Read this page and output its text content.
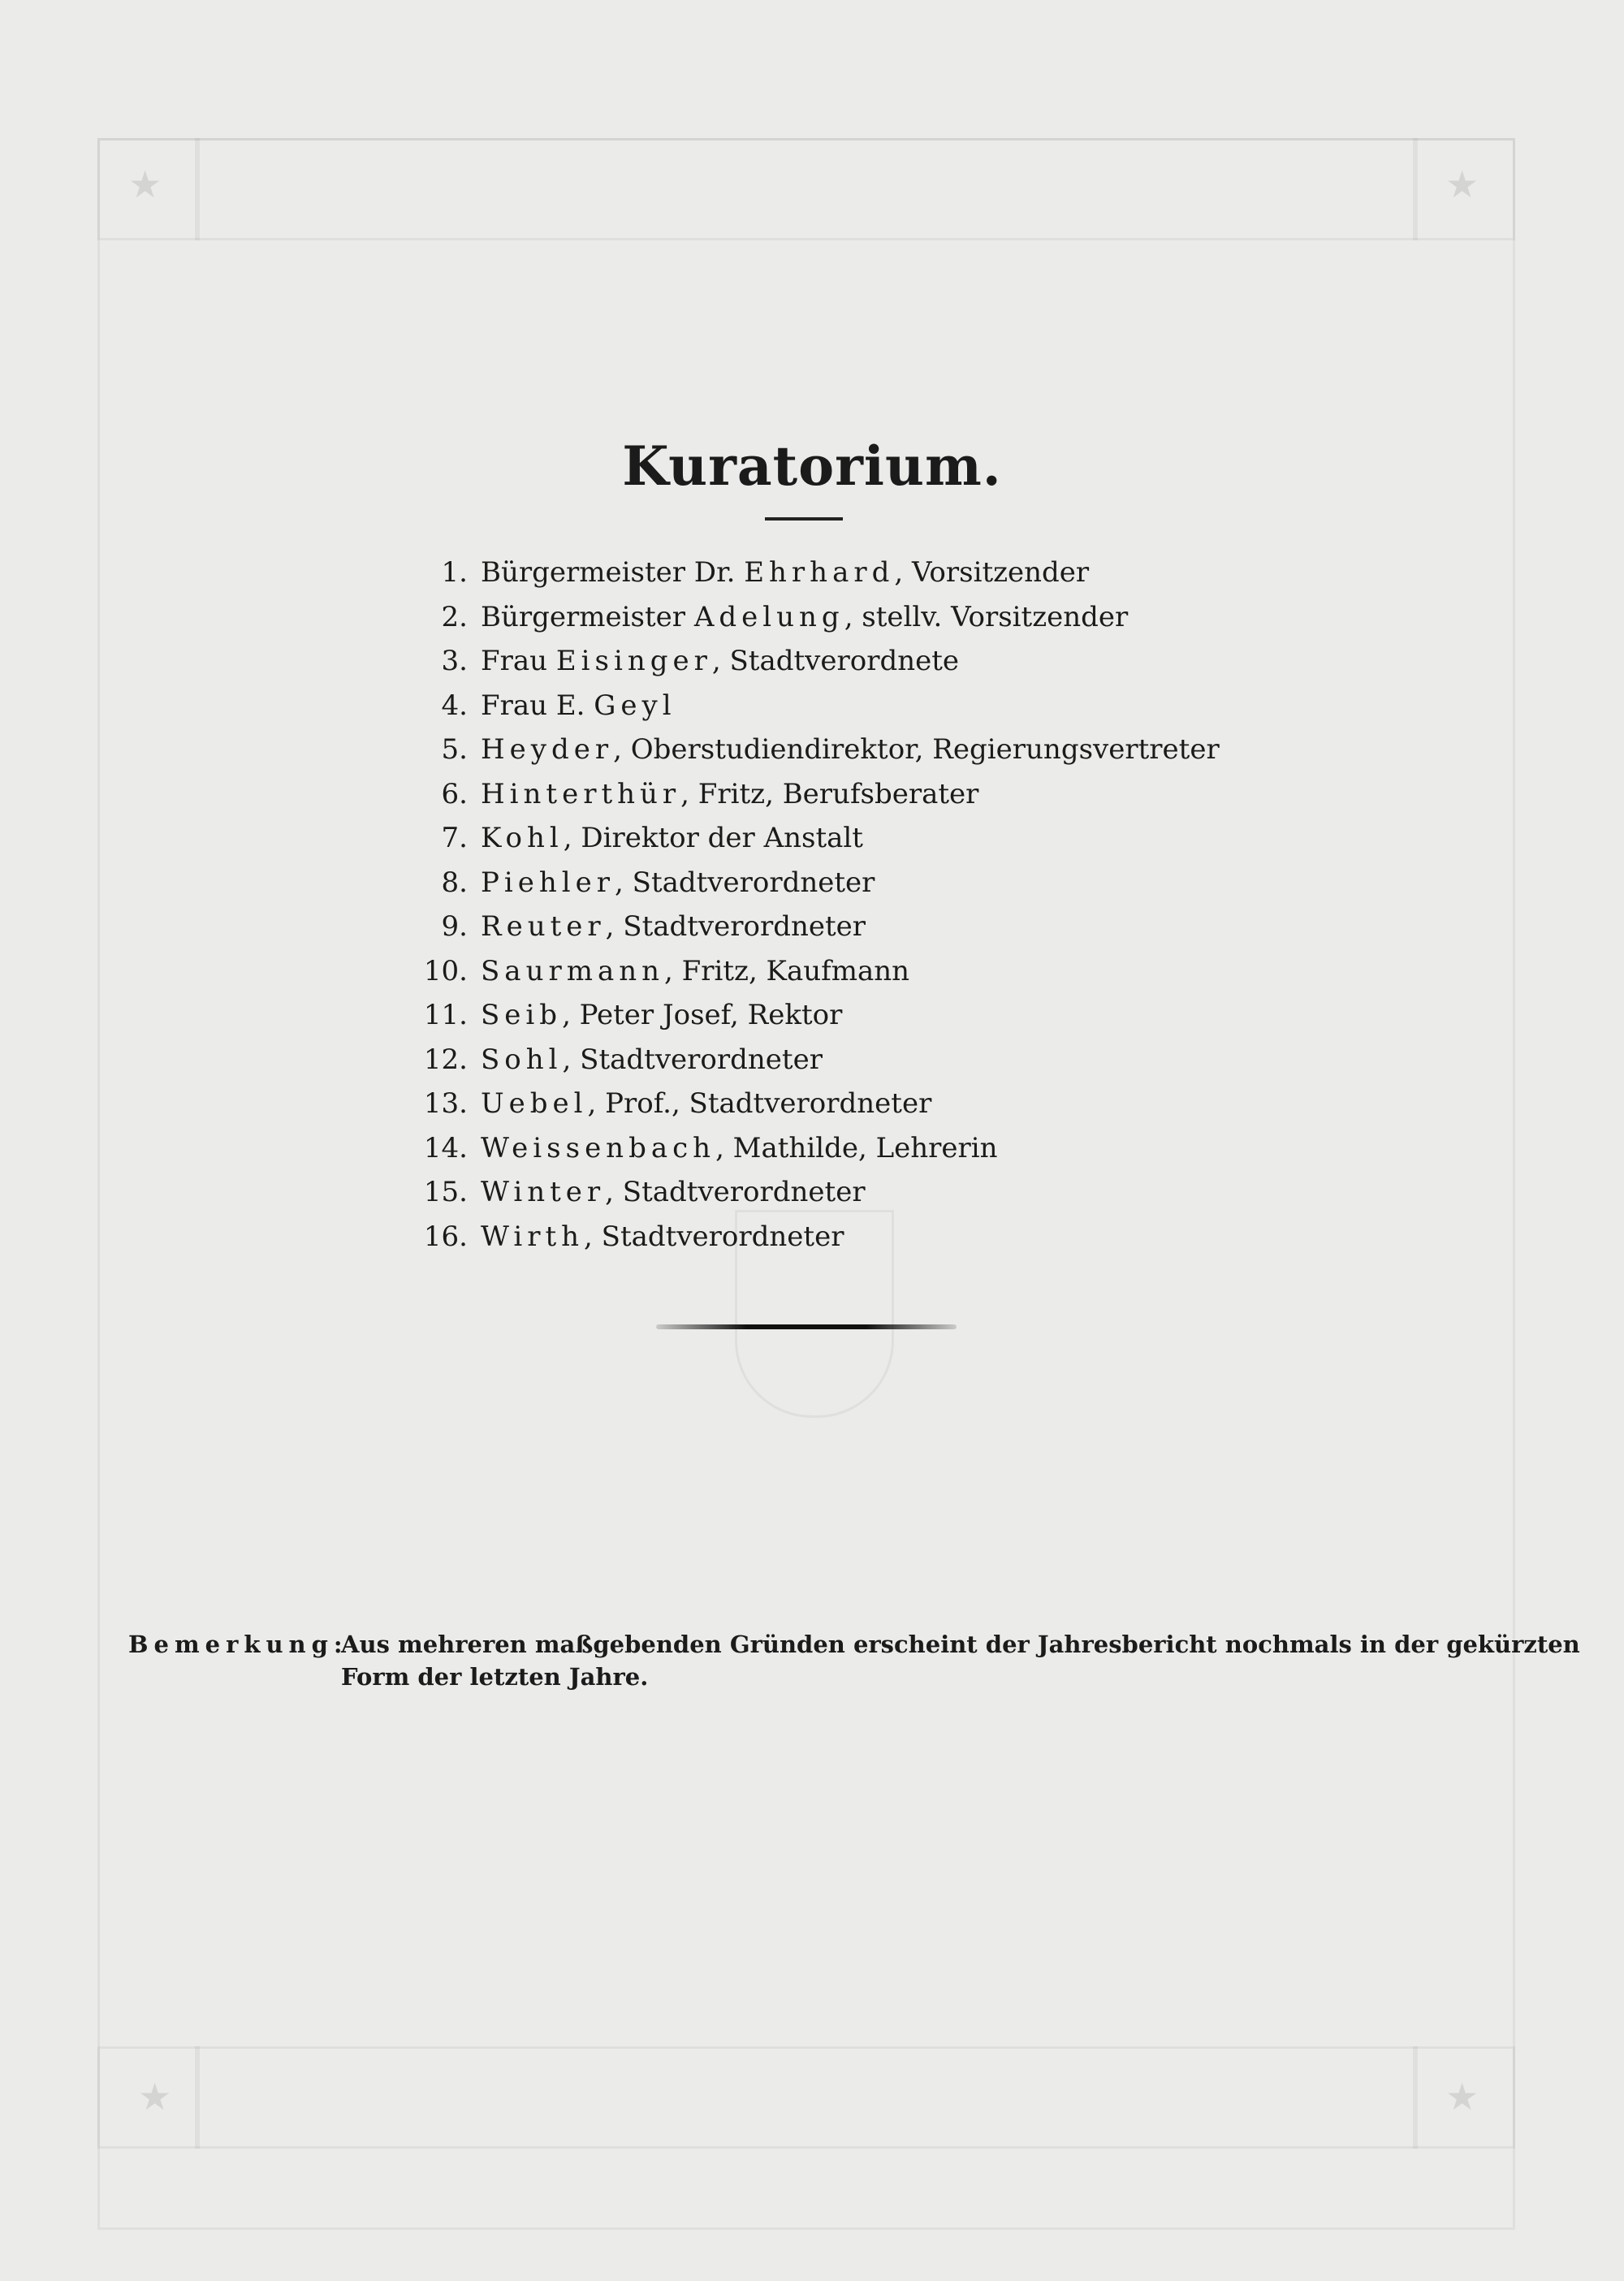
★	★
★	★

Kuratorium.
1. Bürgermeister Dr. Ehrhard, Vorsitzender
2. Bürgermeister Adelung, stellv. Vorsitzender
3. Frau Eisinger, Stadtverordnete
4. Frau E. Geyl
5. Heyder, Oberstudiendirektor, Regierungsvertreter
6. Hinterthür, Fritz, Berufsberater
7. Kohl, Direktor der Anstalt
8. Piehler, Stadtverordneter
9. Reuter, Stadtverordneter
10. Saurmann, Fritz, Kaufmann
11. Seib, Peter Josef, Rektor
12. Sohl, Stadtverordneter
13. Uebel, Prof., Stadtverordneter
14. Weissenbach, Mathilde, Lehrerin
15. Winter, Stadtverordneter
16. Wirth, Stadtverordneter
Bemerkung:
Aus mehreren maßgebenden Gründen erscheint der Jahresbericht nochmals in der gekürzten Form der letzten Jahre.
